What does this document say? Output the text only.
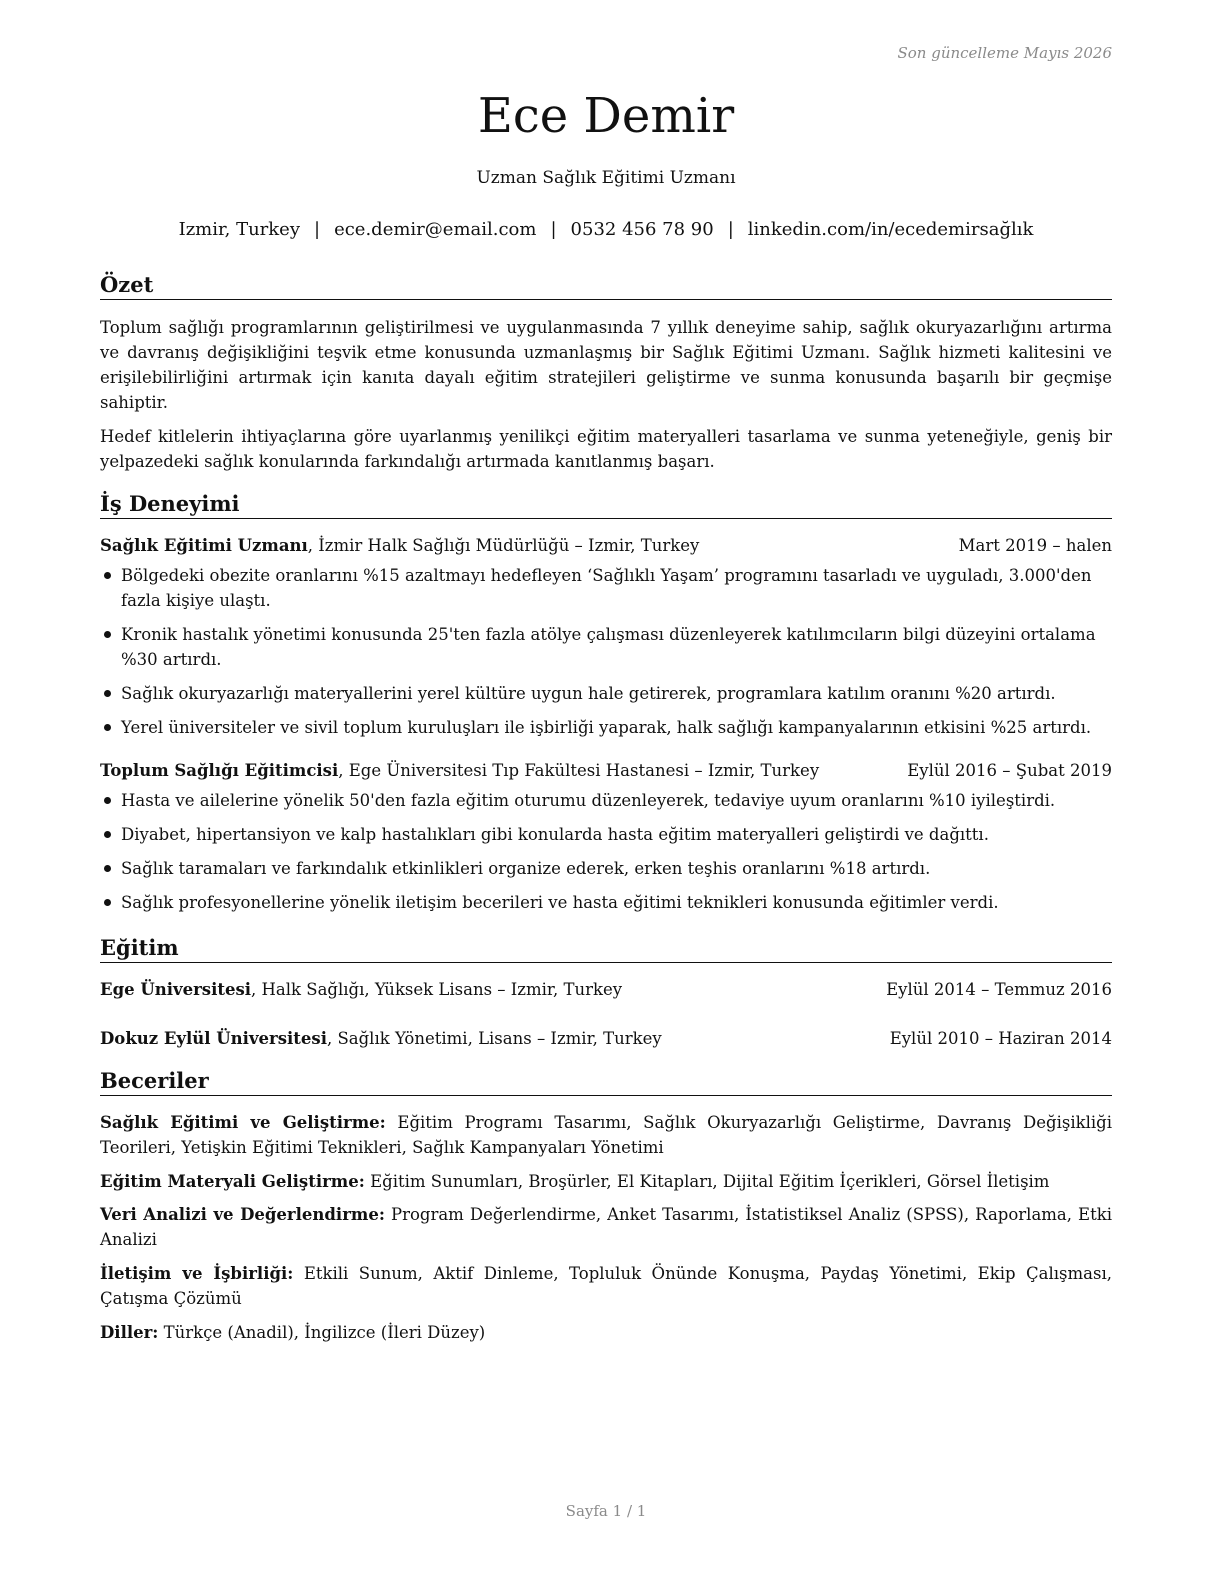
Son güncelleme Mayıs 2026
Ece Demir
Uzman Sağlık Eğitimi Uzmanı
Izmir, Turkey | ece.demir@email.com | 0532 456 78 90 | linkedin.com/in/ecedemirsağlık
Özet
Toplum sağlığı programlarının geliştirilmesi ve uygulanmasında 7 yıllık deneyime sahip, sağlık okuryazarlığını artırma ve davranış değişikliğini teşvik etme konusunda uzmanlaşmış bir Sağlık Eğitimi Uzmanı. Sağlık hizmeti kalitesini ve erişilebilirliğini artırmak için kanıta dayalı eğitim stratejileri geliştirme ve sunma konusunda başarılı bir geçmişe sahiptir.
Hedef kitlelerin ihtiyaçlarına göre uyarlanmış yenilikçi eğitim materyalleri tasarlama ve sunma yeteneğiyle, geniş bir yelpazedeki sağlık konularında farkındalığı artırmada kanıtlanmış başarı.
İş Deneyimi
Sağlık Eğitimi Uzmanı, İzmir Halk Sağlığı Müdürlüğü – Izmir, Turkey	Mart 2019 – halen
Bölgedeki obezite oranlarını %15 azaltmayı hedefleyen ‘Sağlıklı Yaşam’ programını tasarladı ve uyguladı, 3.000'den fazla kişiye ulaştı.
Kronik hastalık yönetimi konusunda 25'ten fazla atölye çalışması düzenleyerek katılımcıların bilgi düzeyini ortalama %30 artırdı.
Sağlık okuryazarlığı materyallerini yerel kültüre uygun hale getirerek, programlara katılım oranını %20 artırdı.
Yerel üniversiteler ve sivil toplum kuruluşları ile işbirliği yaparak, halk sağlığı kampanyalarının etkisini %25 artırdı.
Toplum Sağlığı Eğitimcisi, Ege Üniversitesi Tıp Fakültesi Hastanesi – Izmir, Turkey	Eylül 2016 – Şubat 2019
Hasta ve ailelerine yönelik 50'den fazla eğitim oturumu düzenleyerek, tedaviye uyum oranlarını %10 iyileştirdi.
Diyabet, hipertansiyon ve kalp hastalıkları gibi konularda hasta eğitim materyalleri geliştirdi ve dağıttı.
Sağlık taramaları ve farkındalık etkinlikleri organize ederek, erken teşhis oranlarını %18 artırdı.
Sağlık profesyonellerine yönelik iletişim becerileri ve hasta eğitimi teknikleri konusunda eğitimler verdi.
Eğitim
Ege Üniversitesi, Halk Sağlığı, Yüksek Lisans – Izmir, Turkey	Eylül 2014 – Temmuz 2016
Dokuz Eylül Üniversitesi, Sağlık Yönetimi, Lisans – Izmir, Turkey	Eylül 2010 – Haziran 2014
Beceriler
Sağlık Eğitimi ve Geliştirme: Eğitim Programı Tasarımı, Sağlık Okuryazarlığı Geliştirme, Davranış Değişikliği Teorileri, Yetişkin Eğitimi Teknikleri, Sağlık Kampanyaları Yönetimi
Eğitim Materyali Geliştirme: Eğitim Sunumları, Broşürler, El Kitapları, Dijital Eğitim İçerikleri, Görsel İletişim
Veri Analizi ve Değerlendirme: Program Değerlendirme, Anket Tasarımı, İstatistiksel Analiz (SPSS), Raporlama, Etki Analizi
İletişim ve İşbirliği: Etkili Sunum, Aktif Dinleme, Topluluk Önünde Konuşma, Paydaş Yönetimi, Ekip Çalışması, Çatışma Çözümü
Diller: Türkçe (Anadil), İngilizce (İleri Düzey)
Sayfa 1 / 1
